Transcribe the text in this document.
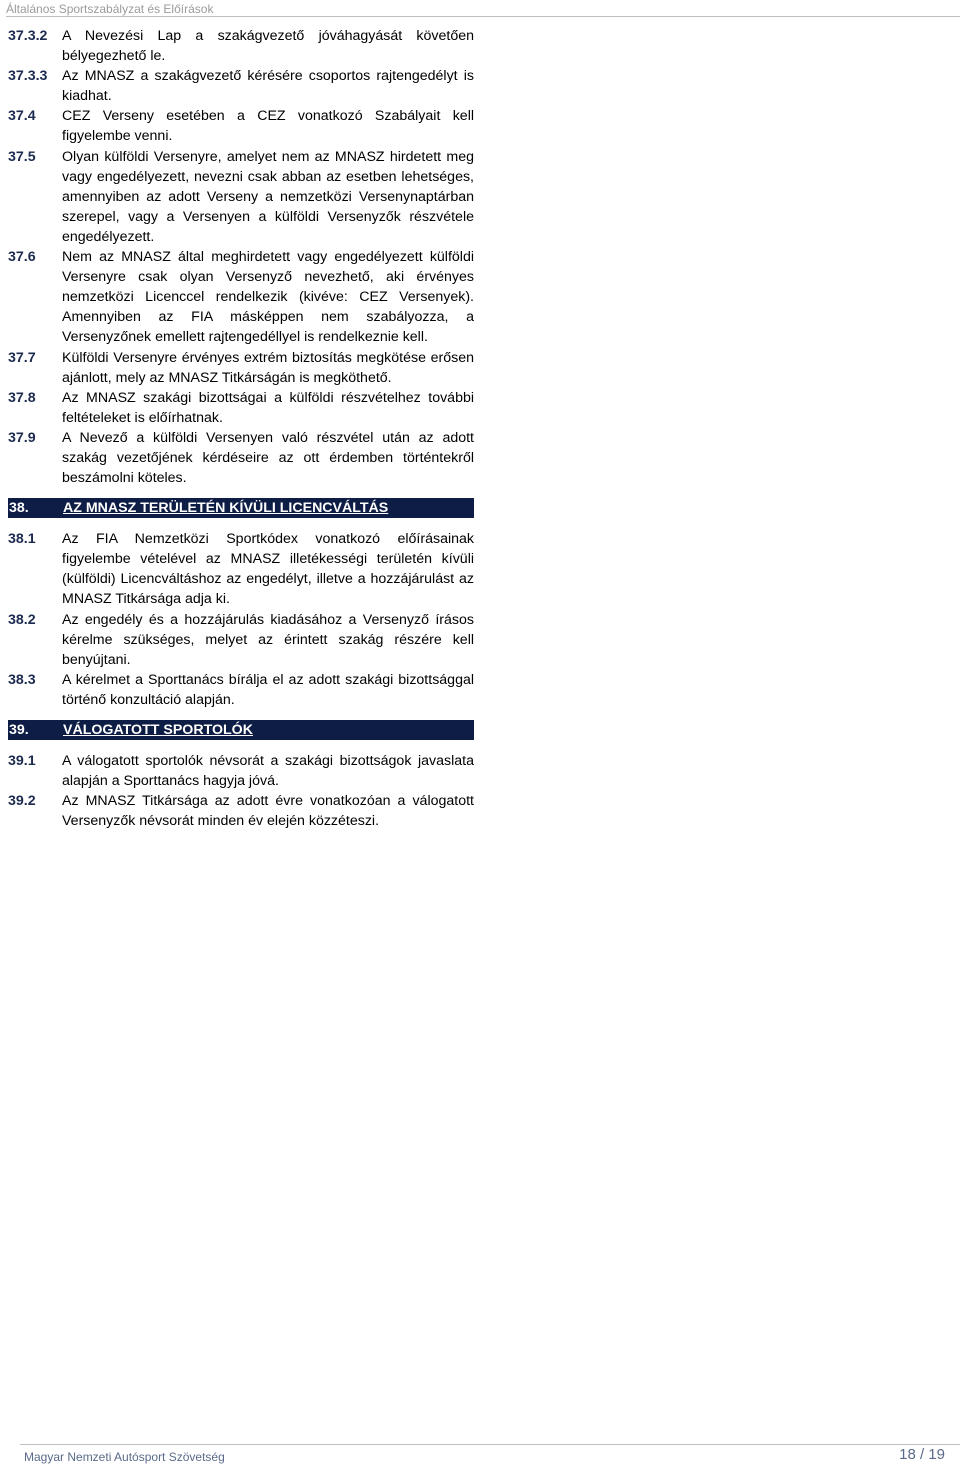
Általános Sportszabályzat és Előírások
37.3.2	A Nevezési Lap a szakágvezető jóváhagyását követően bélyegezhető le.
37.3.3	Az MNASZ a szakágvezető kérésére csoportos rajtengedélyt is kiadhat.
37.4	CEZ Verseny esetében a CEZ vonatkozó Szabályait kell figyelembe venni.
37.5	Olyan külföldi Versenyre, amelyet nem az MNASZ hirdetett meg vagy engedélyezett, nevezni csak abban az esetben lehetséges, amennyiben az adott Verseny a nemzetközi Versenynaptárban szerepel, vagy a Versenyen a külföldi Versenyzők részvétele engedélyezett.
37.6	Nem az MNASZ által meghirdetett vagy engedélyezett külföldi Versenyre csak olyan Versenyző nevezhető, aki érvényes nemzetközi Licenccel rendelkezik (kivéve: CEZ Versenyek). Amennyiben az FIA másképpen nem szabályozza, a Versenyzőnek emellett rajtengedéllyel is rendelkeznie kell.
37.7	Külföldi Versenyre érvényes extrém biztosítás megkötése erősen ajánlott, mely az MNASZ Titkárságán is megköthető.
37.8	Az MNASZ szakági bizottságai a külföldi részvételhez további feltételeket is előírhatnak.
37.9	A Nevező a külföldi Versenyen való részvétel után az adott szakág vezetőjének kérdéseire az ott érdemben történtekről beszámolni köteles.
38.	AZ MNASZ TERÜLETÉN KÍVÜLI LICENCVÁLTÁS
38.1	Az FIA Nemzetközi Sportkódex vonatkozó előírásainak figyelembe vételével az MNASZ illetékességi területén kívüli (külföldi) Licencváltáshoz az engedélyt, illetve a hozzájárulást az MNASZ Titkársága adja ki.
38.2	Az engedély és a hozzájárulás kiadásához a Versenyző írásos kérelme szükséges, melyet az érintett szakág részére kell benyújtani.
38.3	A kérelmet a Sporttanács bírálja el az adott szakági bizottsággal történő konzultáció alapján.
39.	VÁLOGATOTT SPORTOLÓK
39.1	A válogatott sportolók névsorát a szakági bizottságok javaslata alapján a Sporttanács hagyja jóvá.
39.2	Az MNASZ Titkársága az adott évre vonatkozóan a válogatott Versenyzők névsorát minden év elején közzéteszi.
Magyar Nemzeti Autósport Szövetség	18 / 19
